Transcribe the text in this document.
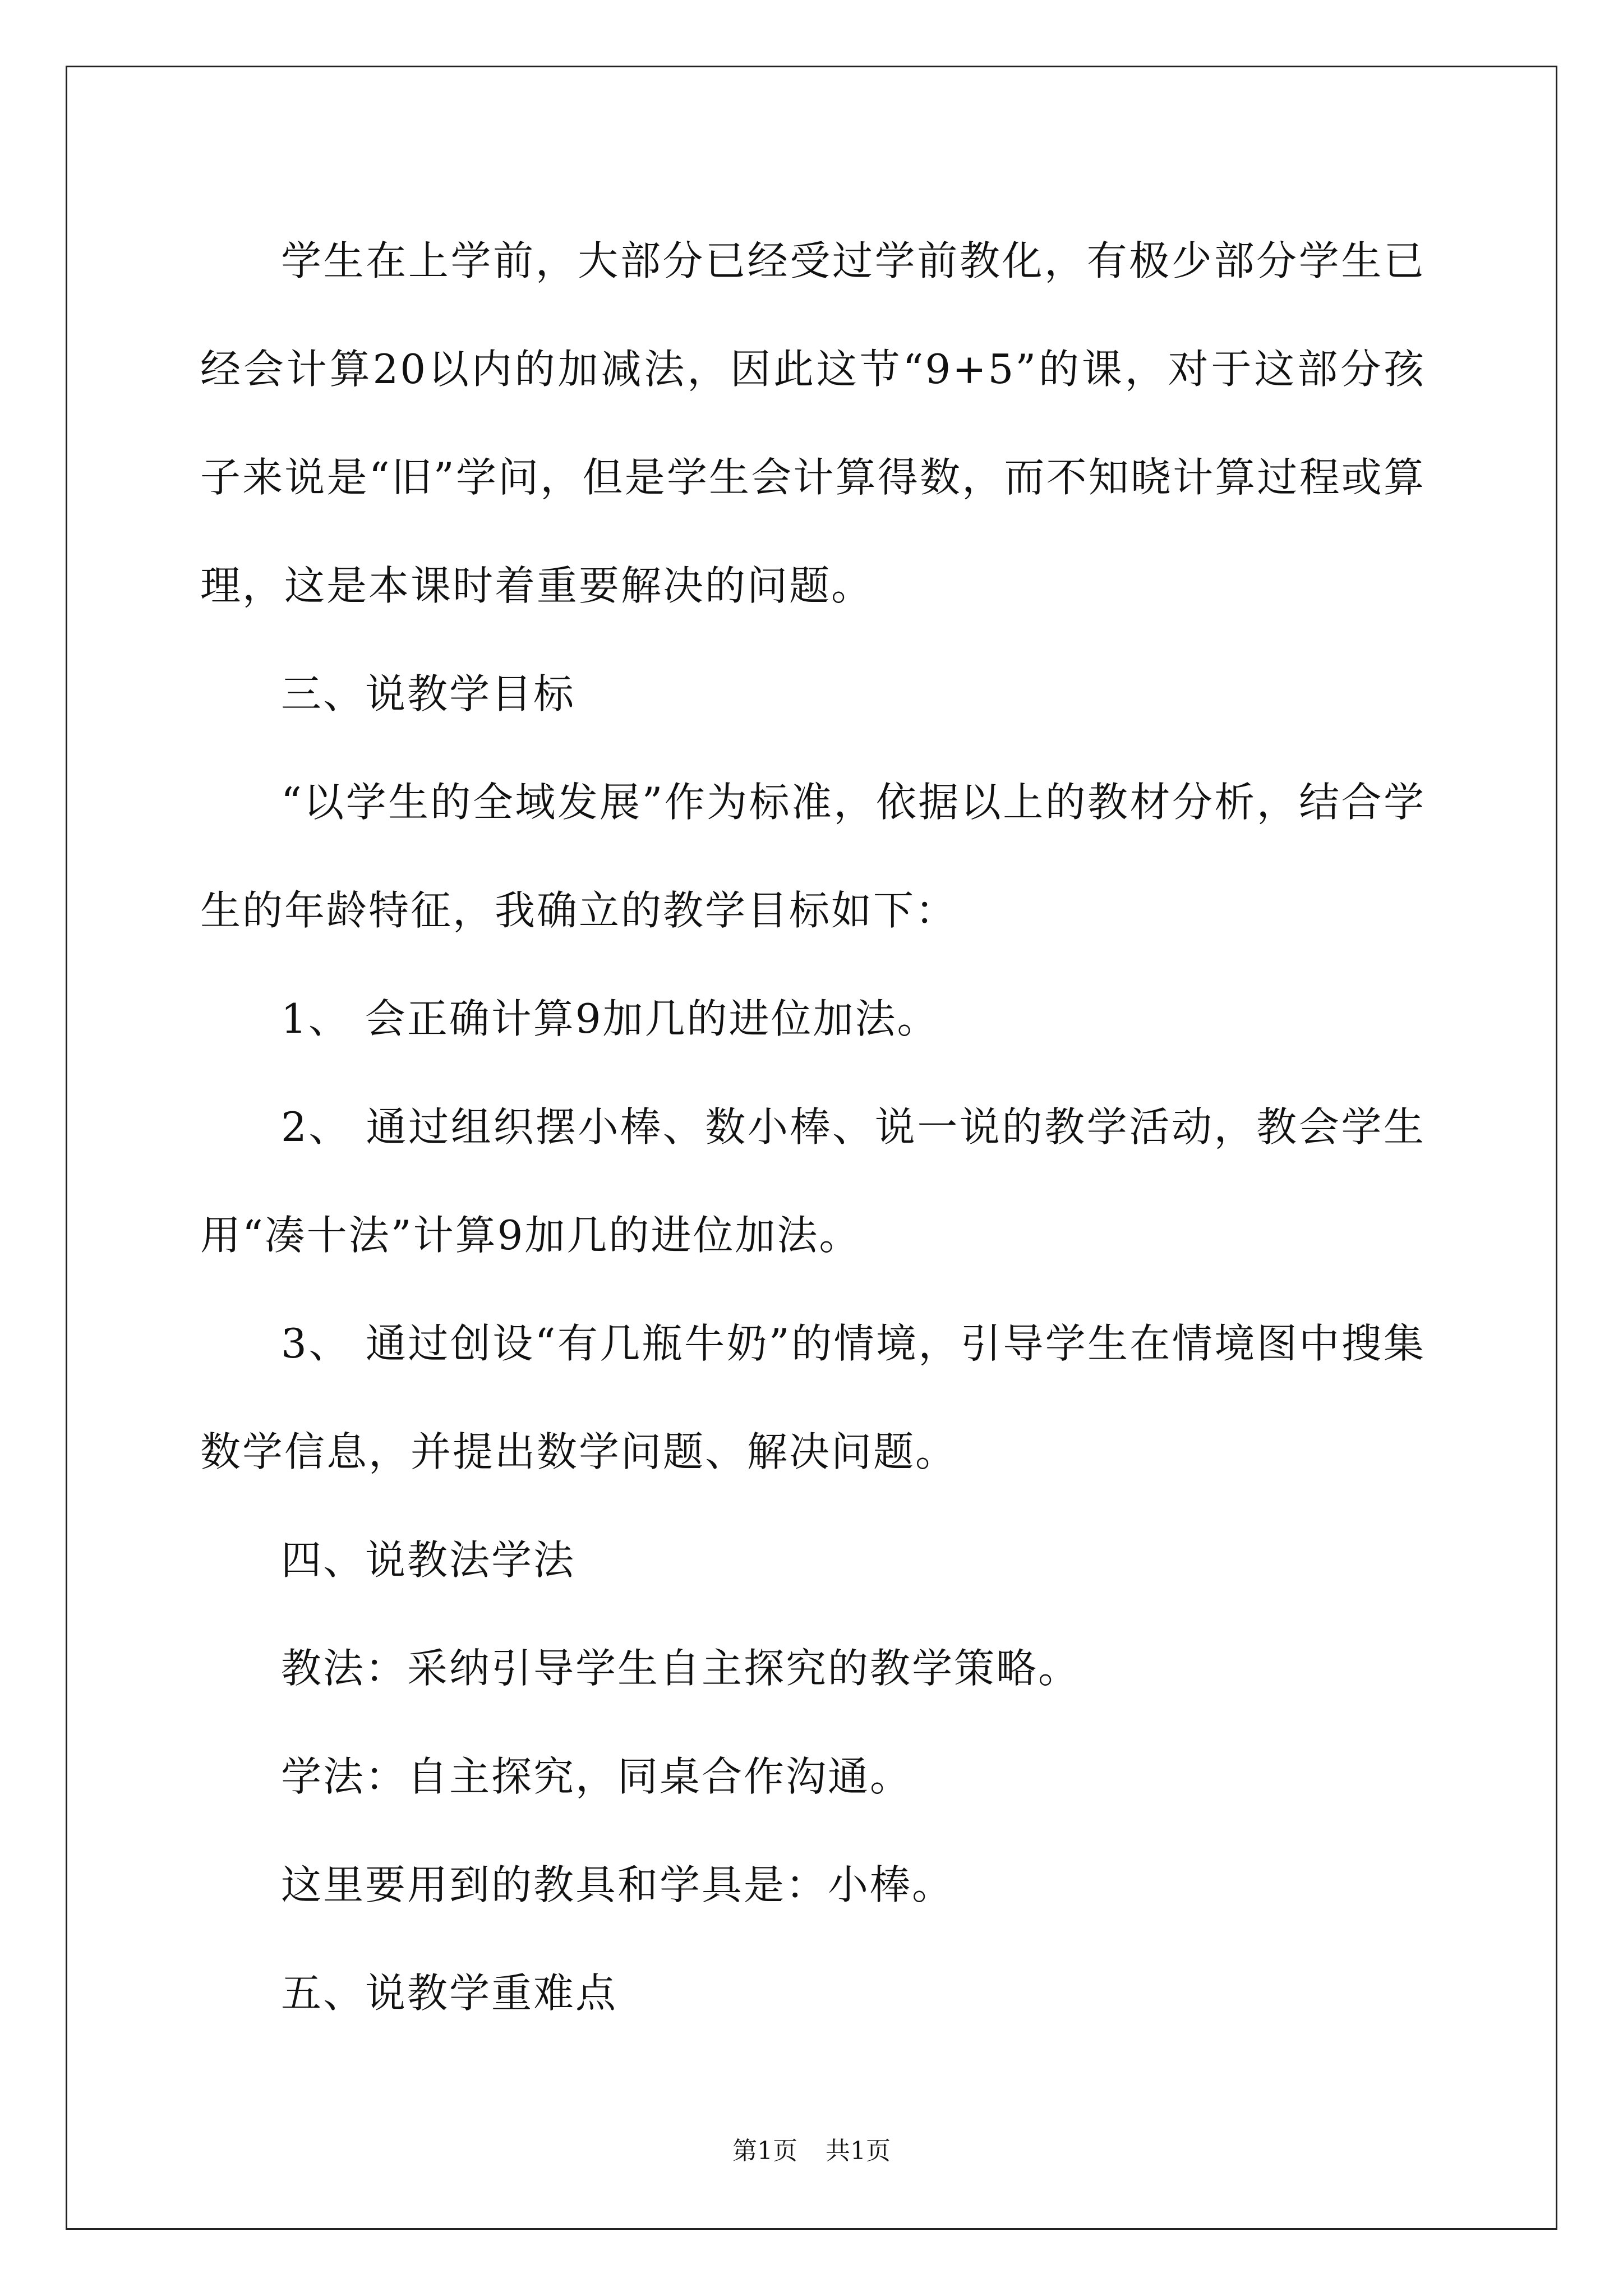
学生在上学前，大部分已经受过学前教化，有极少部分学生已经会计算20以内的加减法，因此这节“9+5”的课，对于这部分孩子来说是“旧”学问，但是学生会计算得数，而不知晓计算过程或算理，这是本课时着重要解决的问题。

三、说教学目标

“以学生的全域发展”作为标准，依据以上的教材分析，结合学生的年龄特征，我确立的教学目标如下：

1、 会正确计算9加几的进位加法。

2、 通过组织摆小棒、数小棒、说一说的教学活动，教会学生用“凑十法”计算9加几的进位加法。

3、 通过创设“有几瓶牛奶”的情境，引导学生在情境图中搜集数学信息，并提出数学问题、解决问题。

四、说教法学法

教法：采纳引导学生自主探究的教学策略。

学法：自主探究，同桌合作沟通。

这里要用到的教具和学具是：小棒。

五、说教学重难点

第1页 共1页
